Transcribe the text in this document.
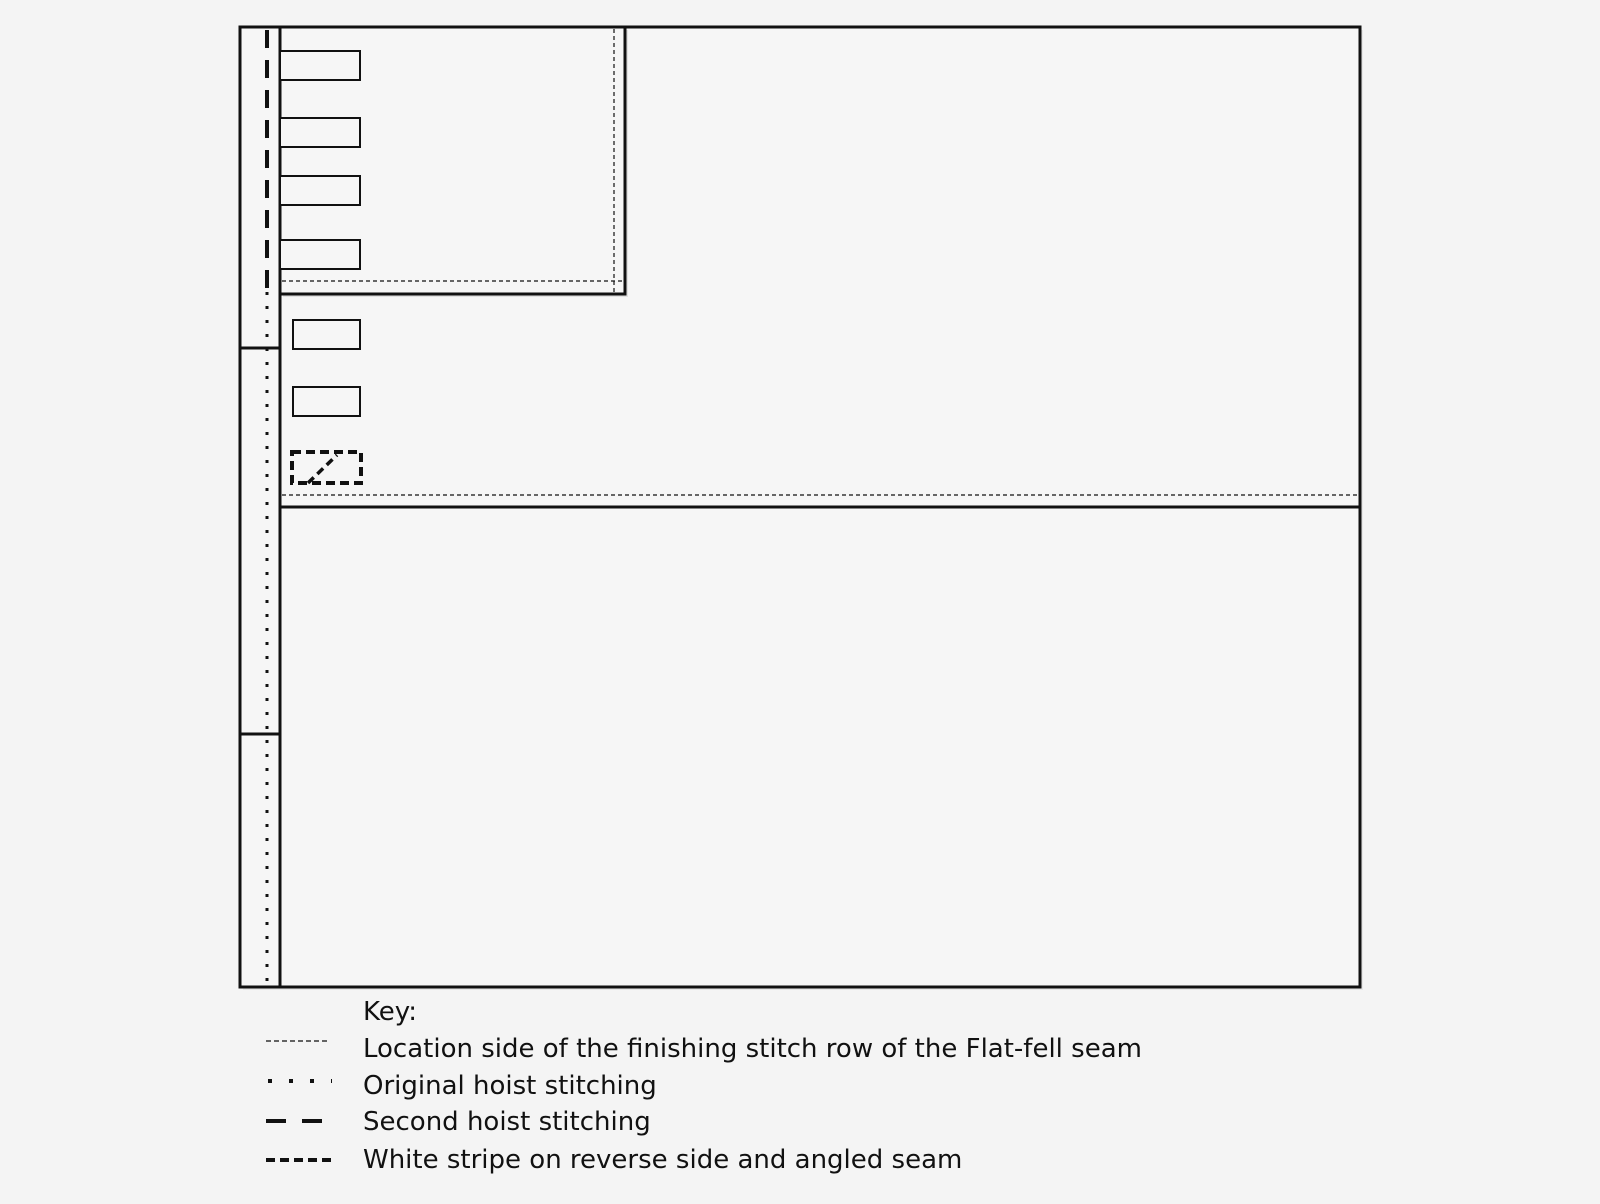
Key:
Location side of the finishing stitch row of the Flat-fell seam
Original hoist stitching
Second hoist stitching
White stripe on reverse side and angled seam
